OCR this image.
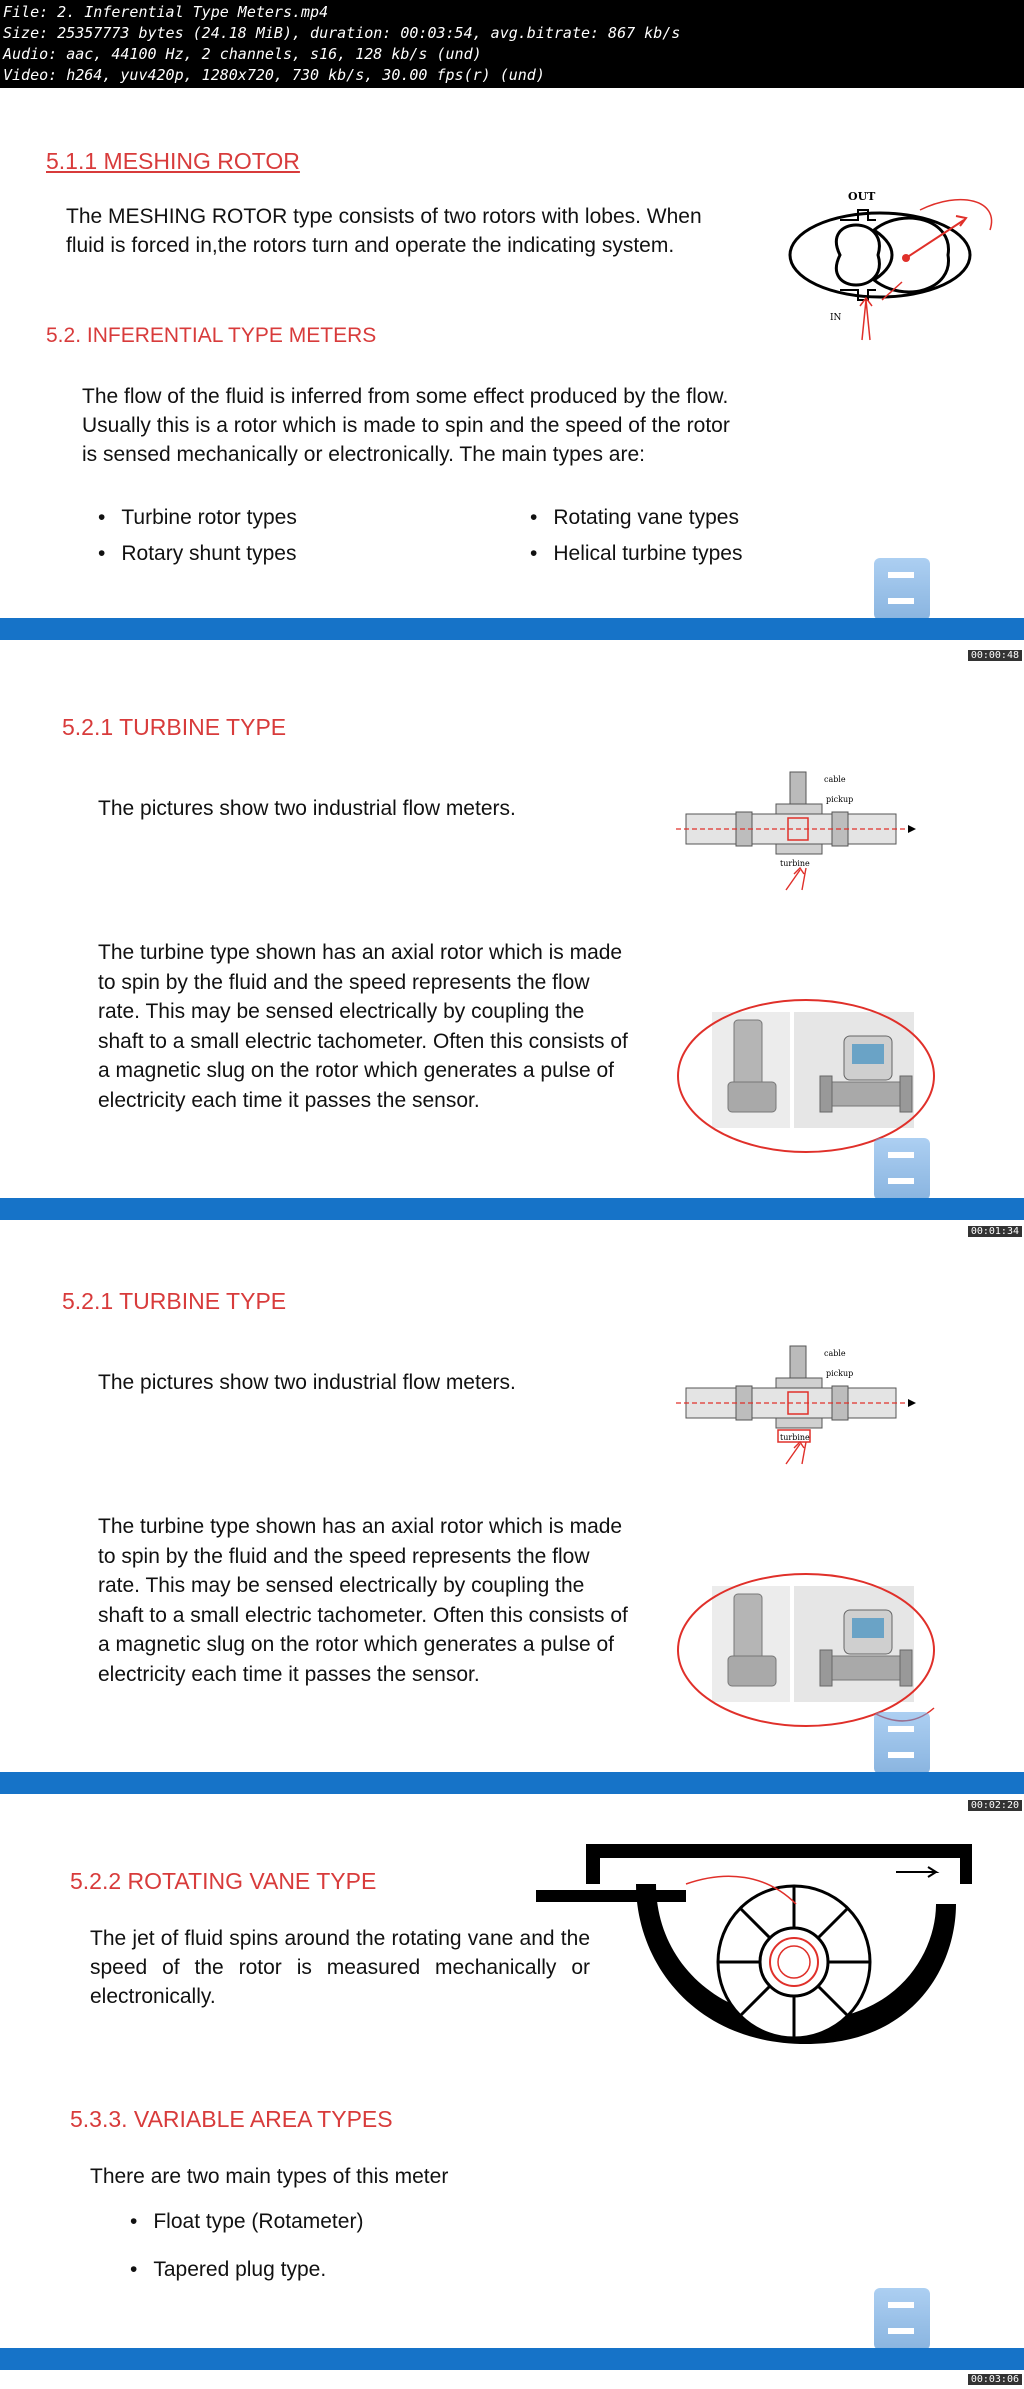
File: 2. Inferential Type Meters.mp4
Size: 25357773 bytes (24.18 MiB), duration: 00:03:54, avg.bitrate: 867 kb/s
Audio: aac, 44100 Hz, 2 channels, s16, 128 kb/s (und)
Video: h264, yuv420p, 1280x720, 730 kb/s, 30.00 fps(r) (und)
5.1.1 MESHING ROTOR
The MESHING ROTOR type consists of two rotors with lobes. When fluid is forced in,the rotors turn and operate the indicating system.
5.2. INFERENTIAL TYPE METERS
The flow of the fluid is inferred from some effect produced by the flow. Usually this is a rotor which is made to spin and the speed of the rotor is sensed mechanically or electronically. The main types are:
• Turbine rotor types
• Rotary shunt types
• Rotating vane types
• Helical turbine types
OUT
IN
00:00:48
5.2.1 TURBINE TYPE
The pictures show two industrial flow meters.
The turbine type shown has an axial rotor which is made to spin by the fluid and the speed represents the flow rate. This may be sensed electrically by coupling the shaft to a small electric tachometer. Often this consists of a magnetic slug on the rotor which generates a pulse of electricity each time it passes the sensor.
cable
pickup
turbine
00:01:34
5.2.1 TURBINE TYPE
The pictures show two industrial flow meters.
The turbine type shown has an axial rotor which is made to spin by the fluid and the speed represents the flow rate. This may be sensed electrically by coupling the shaft to a small electric tachometer. Often this consists of a magnetic slug on the rotor which generates a pulse of electricity each time it passes the sensor.
cable
pickup
turbine
00:02:20
5.2.2 ROTATING VANE TYPE
The jet of fluid spins around the rotating vane and the speed of the rotor is measured mechanically or electronically.
5.3.3. VARIABLE AREA TYPES
There are two main types of this meter
• Float type (Rotameter)
• Tapered plug type.
00:03:06
